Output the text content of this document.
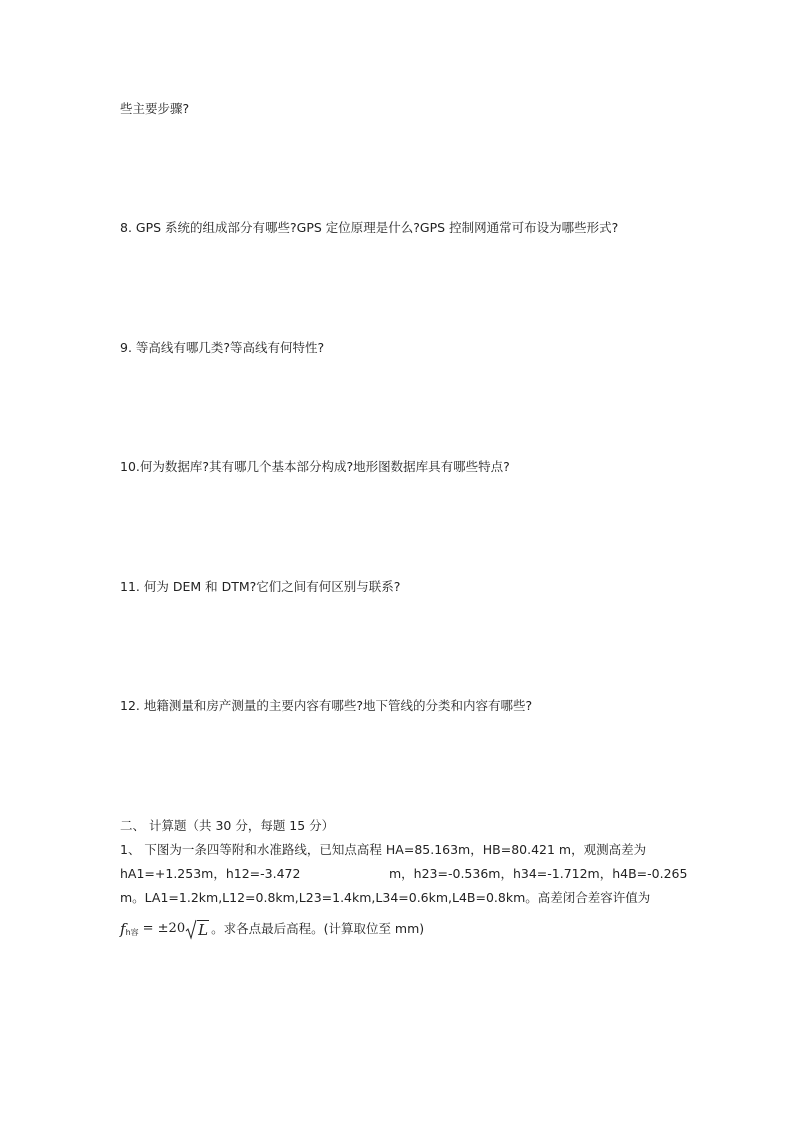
些主要步骤?
8. GPS 系统的组成部分有哪些?GPS 定位原理是什么?GPS 控制网通常可布设为哪些形式?
9. 等高线有哪几类?等高线有何特性?
10.何为数据库?其有哪几个基本部分构成?地形图数据库具有哪些特点?
11. 何为 DEM 和 DTM?它们之间有何区别与联系?
12. 地籍测量和房产测量的主要内容有哪些?地下管线的分类和内容有哪些?
二、 计算题（共 30 分，每题 15 分）
1、 下图为一条四等附和水准路线，已知点高程 HA=85.163m，HB=80.421 m，观测高差为
hA1=+1.253m，h12=-3.472	m，h23=-0.536m，h34=-1.712m，h4B=-0.265
m。LA1=1.2km,L12=0.8km,L23=1.4km,L34=0.6km,L4B=0.8km。高差闭合差容许值为
f h容 = ±20 L 。求各点最后高程。(计算取位至 mm)
